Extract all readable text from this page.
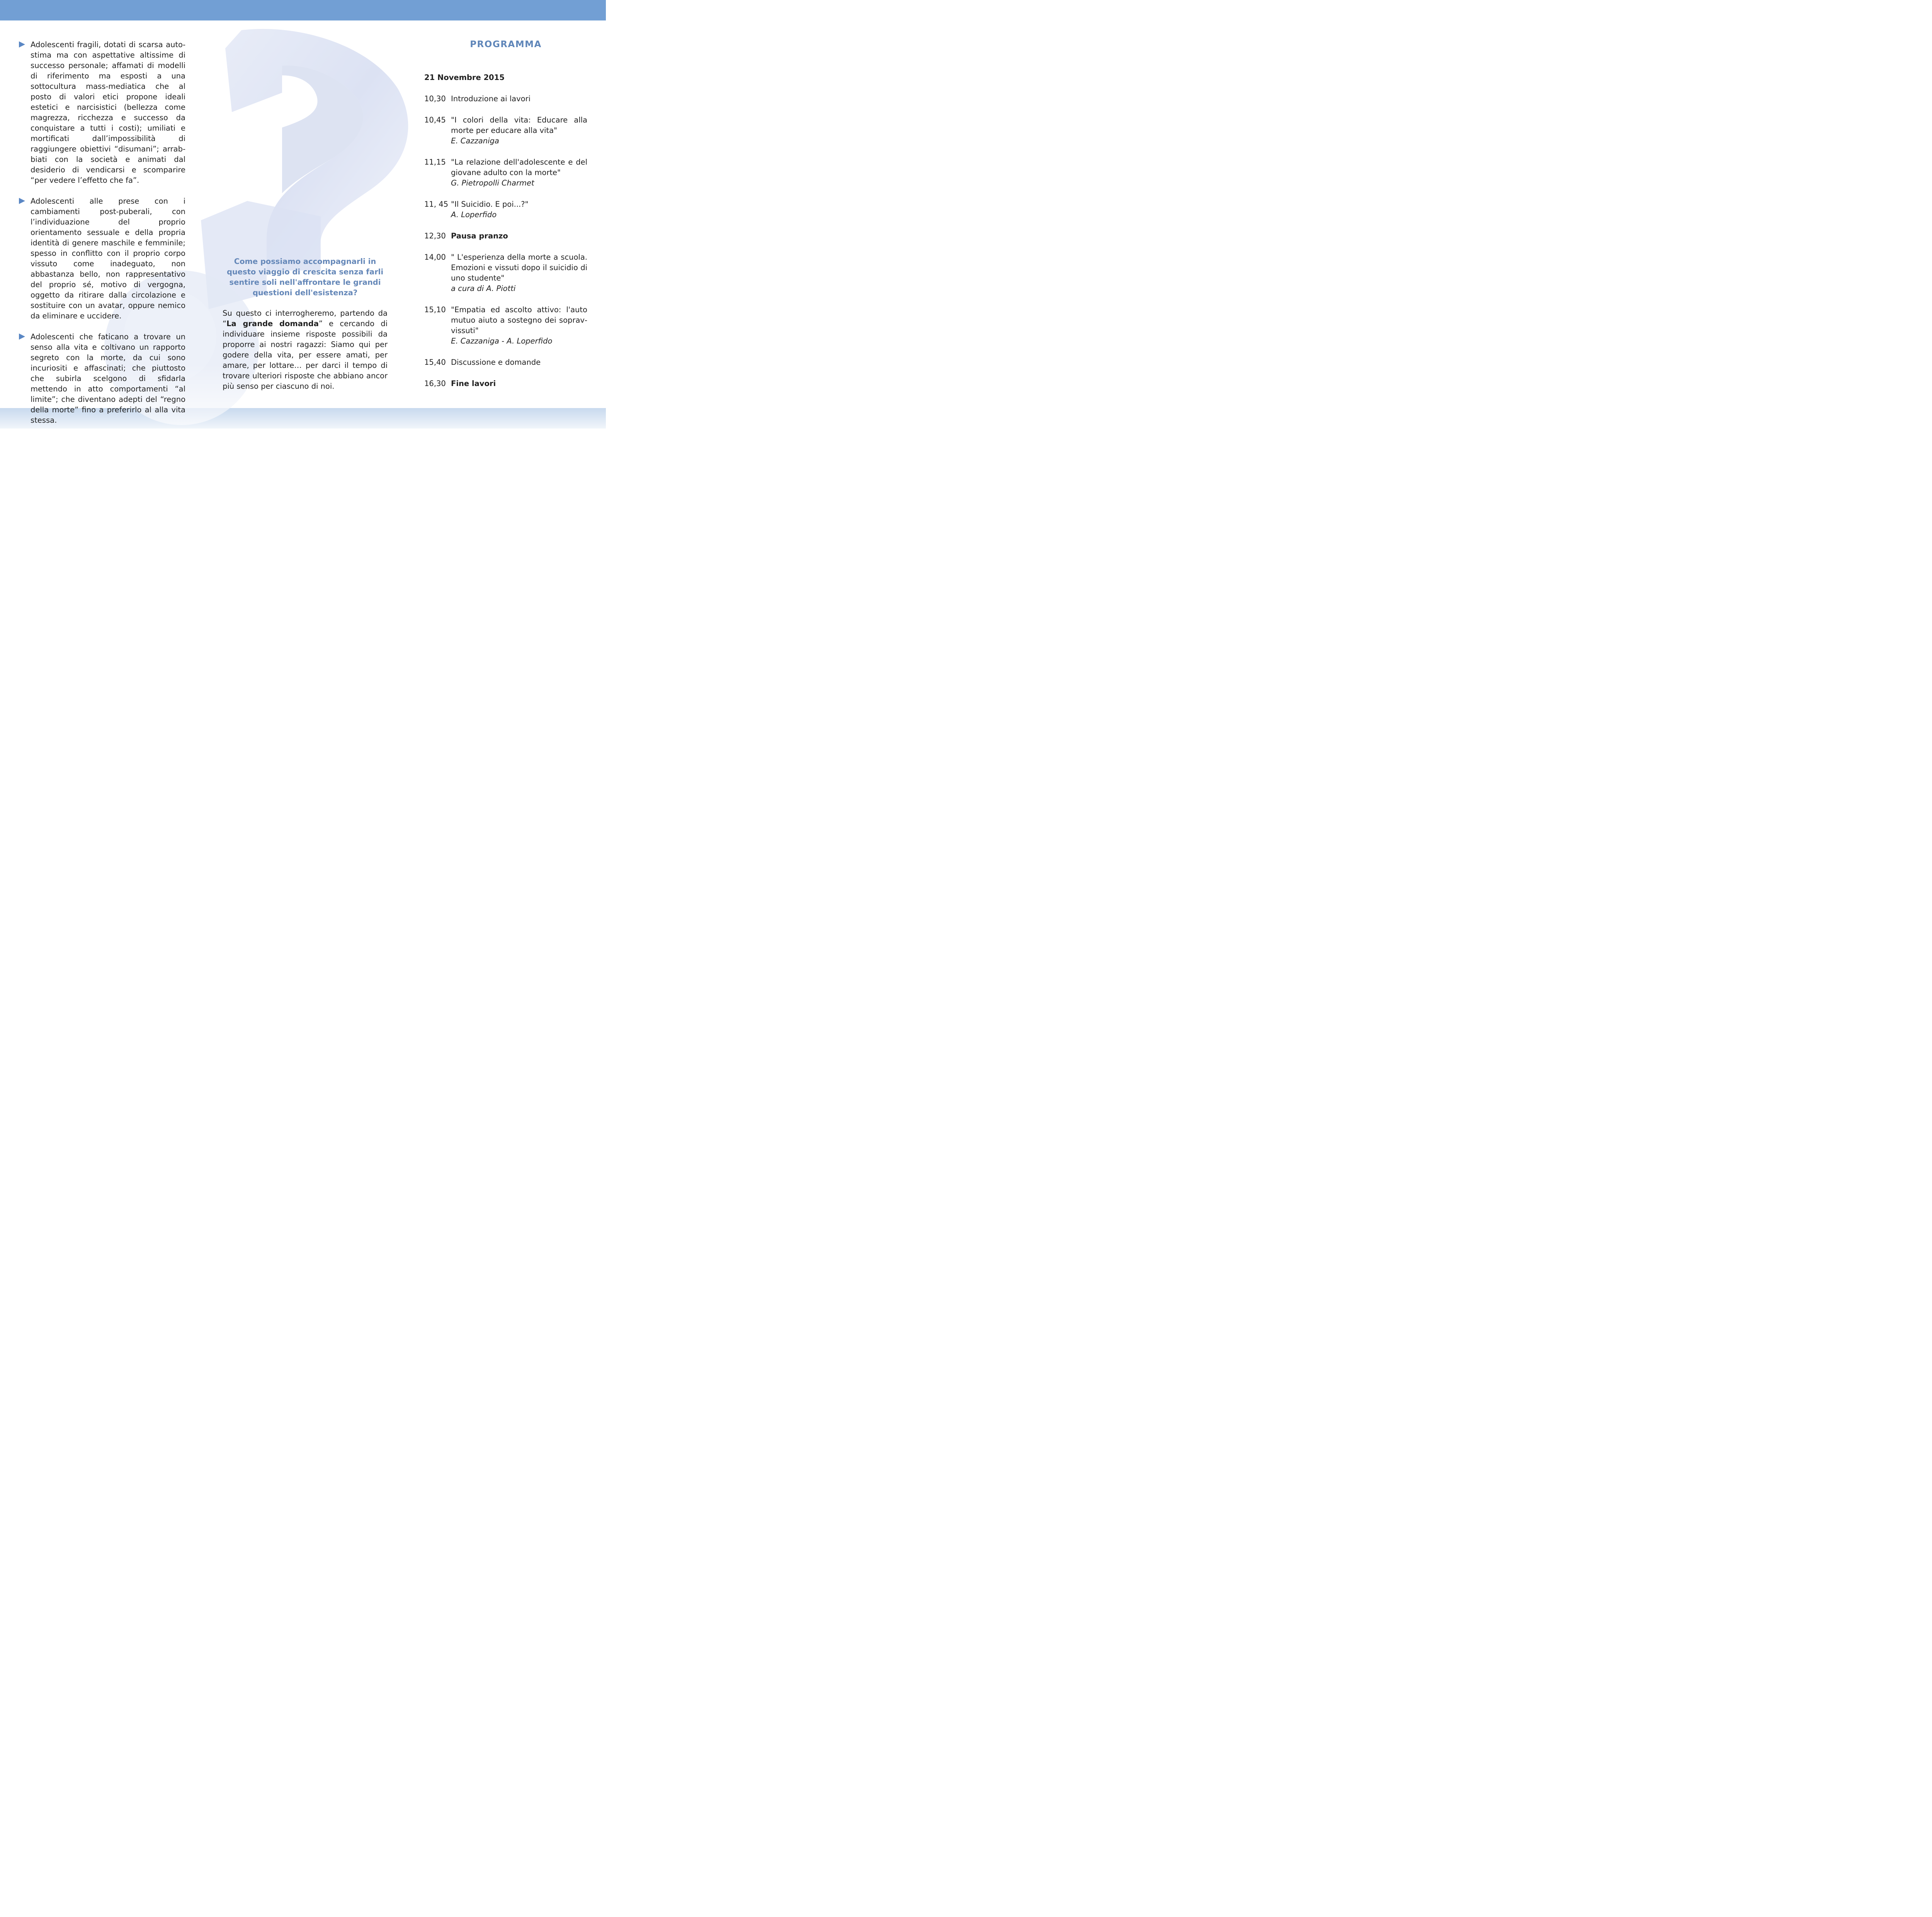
Adolescenti fragili, dotati di scarsa autostima ma con aspettative altissime di successo personale; affamati di modelli di riferimento ma esposti a una sottocultura mass-mediatica che al posto di valori etici propone ideali estetici e narcisistici (bellezza come magrezza, ricchezza e successo da conquistare a tutti i costi); umiliati e mortificati dall’impossibilità di raggiungere obiettivi “disumani”; arrabbiati con la società e animati dal desiderio di vendicarsi e scomparire “per vedere l’effetto che fa”.
Adolescenti alle prese con i cambiamenti post-puberali, con l’individuazione del proprio orientamento sessuale e della propria identità di genere maschile e femminile; spesso in conflitto con il proprio corpo vissuto come inadeguato, non abbastanza bello, non rappresentativo del proprio sé, motivo di vergogna, oggetto da ritirare dalla circolazione e sostituire con un avatar, oppure nemico da eliminare e uccidere.
Adolescenti che faticano a trovare un senso alla vita e coltivano un rapporto segreto con la morte, da cui sono incuriositi e affascinati; che piuttosto che subirla scelgono di sfidarla mettendo in atto comportamenti “al limite”; che diventano adepti del “regno della morte” fino a preferirlo al alla vita stessa.

Come possiamo accompagnarli in questo viaggio di crescita senza farli sentire soli nell'affrontare le grandi questioni dell'esistenza?

Su questo ci interrogheremo, partendo da “La grande domanda” e cercando di individuare insieme risposte possibili da proporre ai nostri ragazzi: Siamo qui per godere della vita, per essere amati, per amare, per lottare… per darci il tempo di trovare ulteriori risposte che abbiano ancor più senso per ciascuno di noi.
PROGRAMMA
21 Novembre 2015
10,30 Introduzione ai lavori
10,45 "I colori della vita: Educare alla morte per educare alla vita"
E. Cazzaniga
11,15 "La relazione dell'adolescente e del giovane adulto con la morte"
G. Pietropolli Charmet
11, 45 "Il Suicidio. E poi...?"
A. Loperfido
12,30 Pausa pranzo
14,00 " L'esperienza della morte a scuola. Emozioni e vissuti dopo il suicidio di uno studente"
a cura di A. Piotti
15,10 "Empatia ed ascolto attivo: l'auto mutuo aiuto a sostegno dei sopravvissuti"
E. Cazzaniga - A. Loperfido
15,40 Discussione e domande
16,30 Fine lavori
